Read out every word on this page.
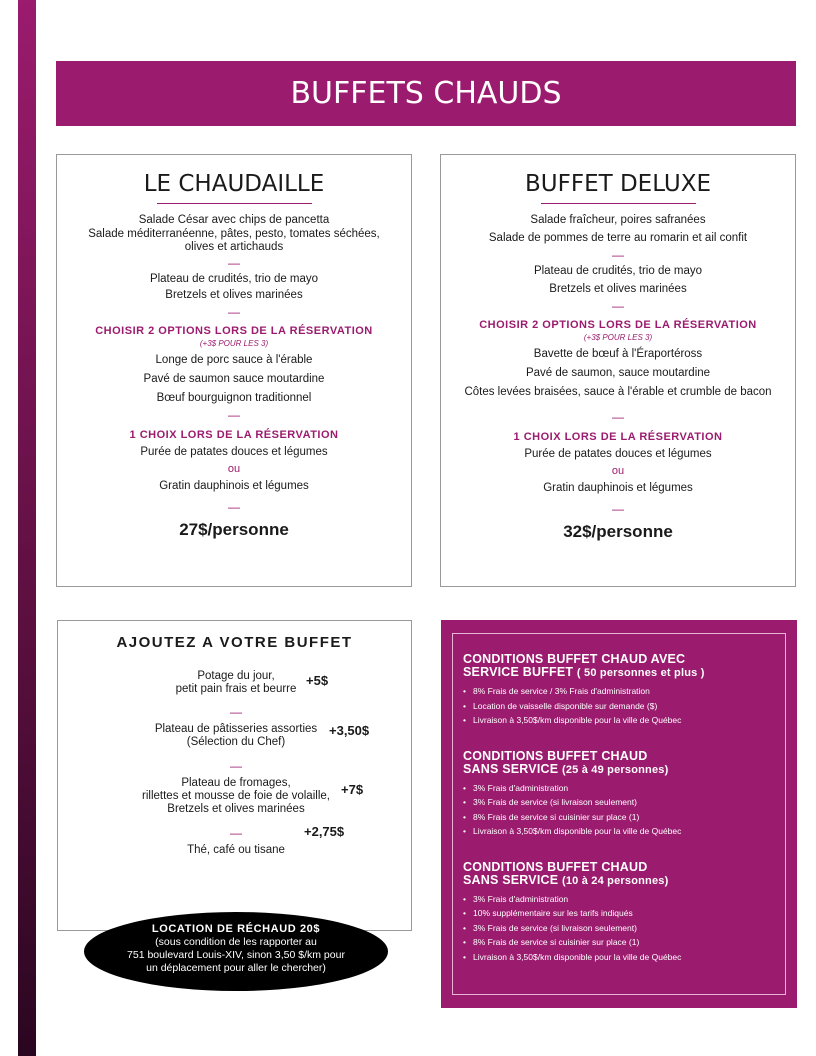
BUFFETS CHAUDS
LE CHAUDAILLE
Salade César avec chips de pancetta
Salade méditerranéenne, pâtes, pesto, tomates séchées,
olives et artichauds
—
Plateau de crudités, trio de mayo
Bretzels et olives marinées
—
CHOISIR 2 OPTIONS LORS DE LA RÉSERVATION
(+3$ POUR LES 3)
Longe de porc sauce à l'érable
Pavé de saumon sauce moutardine
Bœuf bourguignon traditionnel
—
1 CHOIX LORS DE LA RÉSERVATION
Purée de patates douces et légumes
ou
Gratin dauphinois et légumes
—
27$/personne
BUFFET DELUXE
Salade fraîcheur, poires safranées
Salade de pommes de terre au romarin et ail confit
—
Plateau de crudités, trio de mayo
Bretzels et olives marinées
—
CHOISIR 2 OPTIONS LORS DE LA RÉSERVATION
(+3$ POUR LES 3)
Bavette de bœuf à l'Éraportéross
Pavé de saumon, sauce moutardine
Côtes levées braisées, sauce à l'érable et crumble de bacon
—
1 CHOIX LORS DE LA RÉSERVATION
Purée de patates douces et légumes
ou
Gratin dauphinois et légumes
—
32$/personne
AJOUTEZ A VOTRE BUFFET
Potage du jour,
petit pain frais et beurre
+5$
—
Plateau de pâtisseries assorties
(Sélection du Chef)
+3,50$
—
Plateau de fromages,
rillettes et mousse de foie de volaille,
Bretzels et olives marinées
+7$
—
Thé, café ou tisane
+2,75$
LOCATION DE RÉCHAUD 20$
(sous condition de les rapporter au
751 boulevard Louis-XIV, sinon 3,50 $/km pour
un déplacement pour aller le chercher)
CONDITIONS BUFFET CHAUD AVEC
SERVICE BUFFET ( 50 personnes et plus )
• 8% Frais de service / 3% Frais d'administration
• Location de vaisselle disponible sur demande ($)
• Livraison à 3,50$/km disponible pour la ville de Québec
CONDITIONS BUFFET CHAUD
SANS SERVICE (25 à 49 personnes)
• 3% Frais d'administration
• 3% Frais de service (si livraison seulement)
• 8% Frais de service si cuisinier sur place (1)
• Livraison à 3,50$/km disponible pour la ville de Québec
CONDITIONS BUFFET CHAUD
SANS SERVICE (10 à 24 personnes)
• 3% Frais d'administration
• 10% supplémentaire sur les tarifs indiqués
• 3% Frais de service (si livraison seulement)
• 8% Frais de service si cuisinier sur place (1)
• Livraison à 3,50$/km disponible pour la ville de Québec
